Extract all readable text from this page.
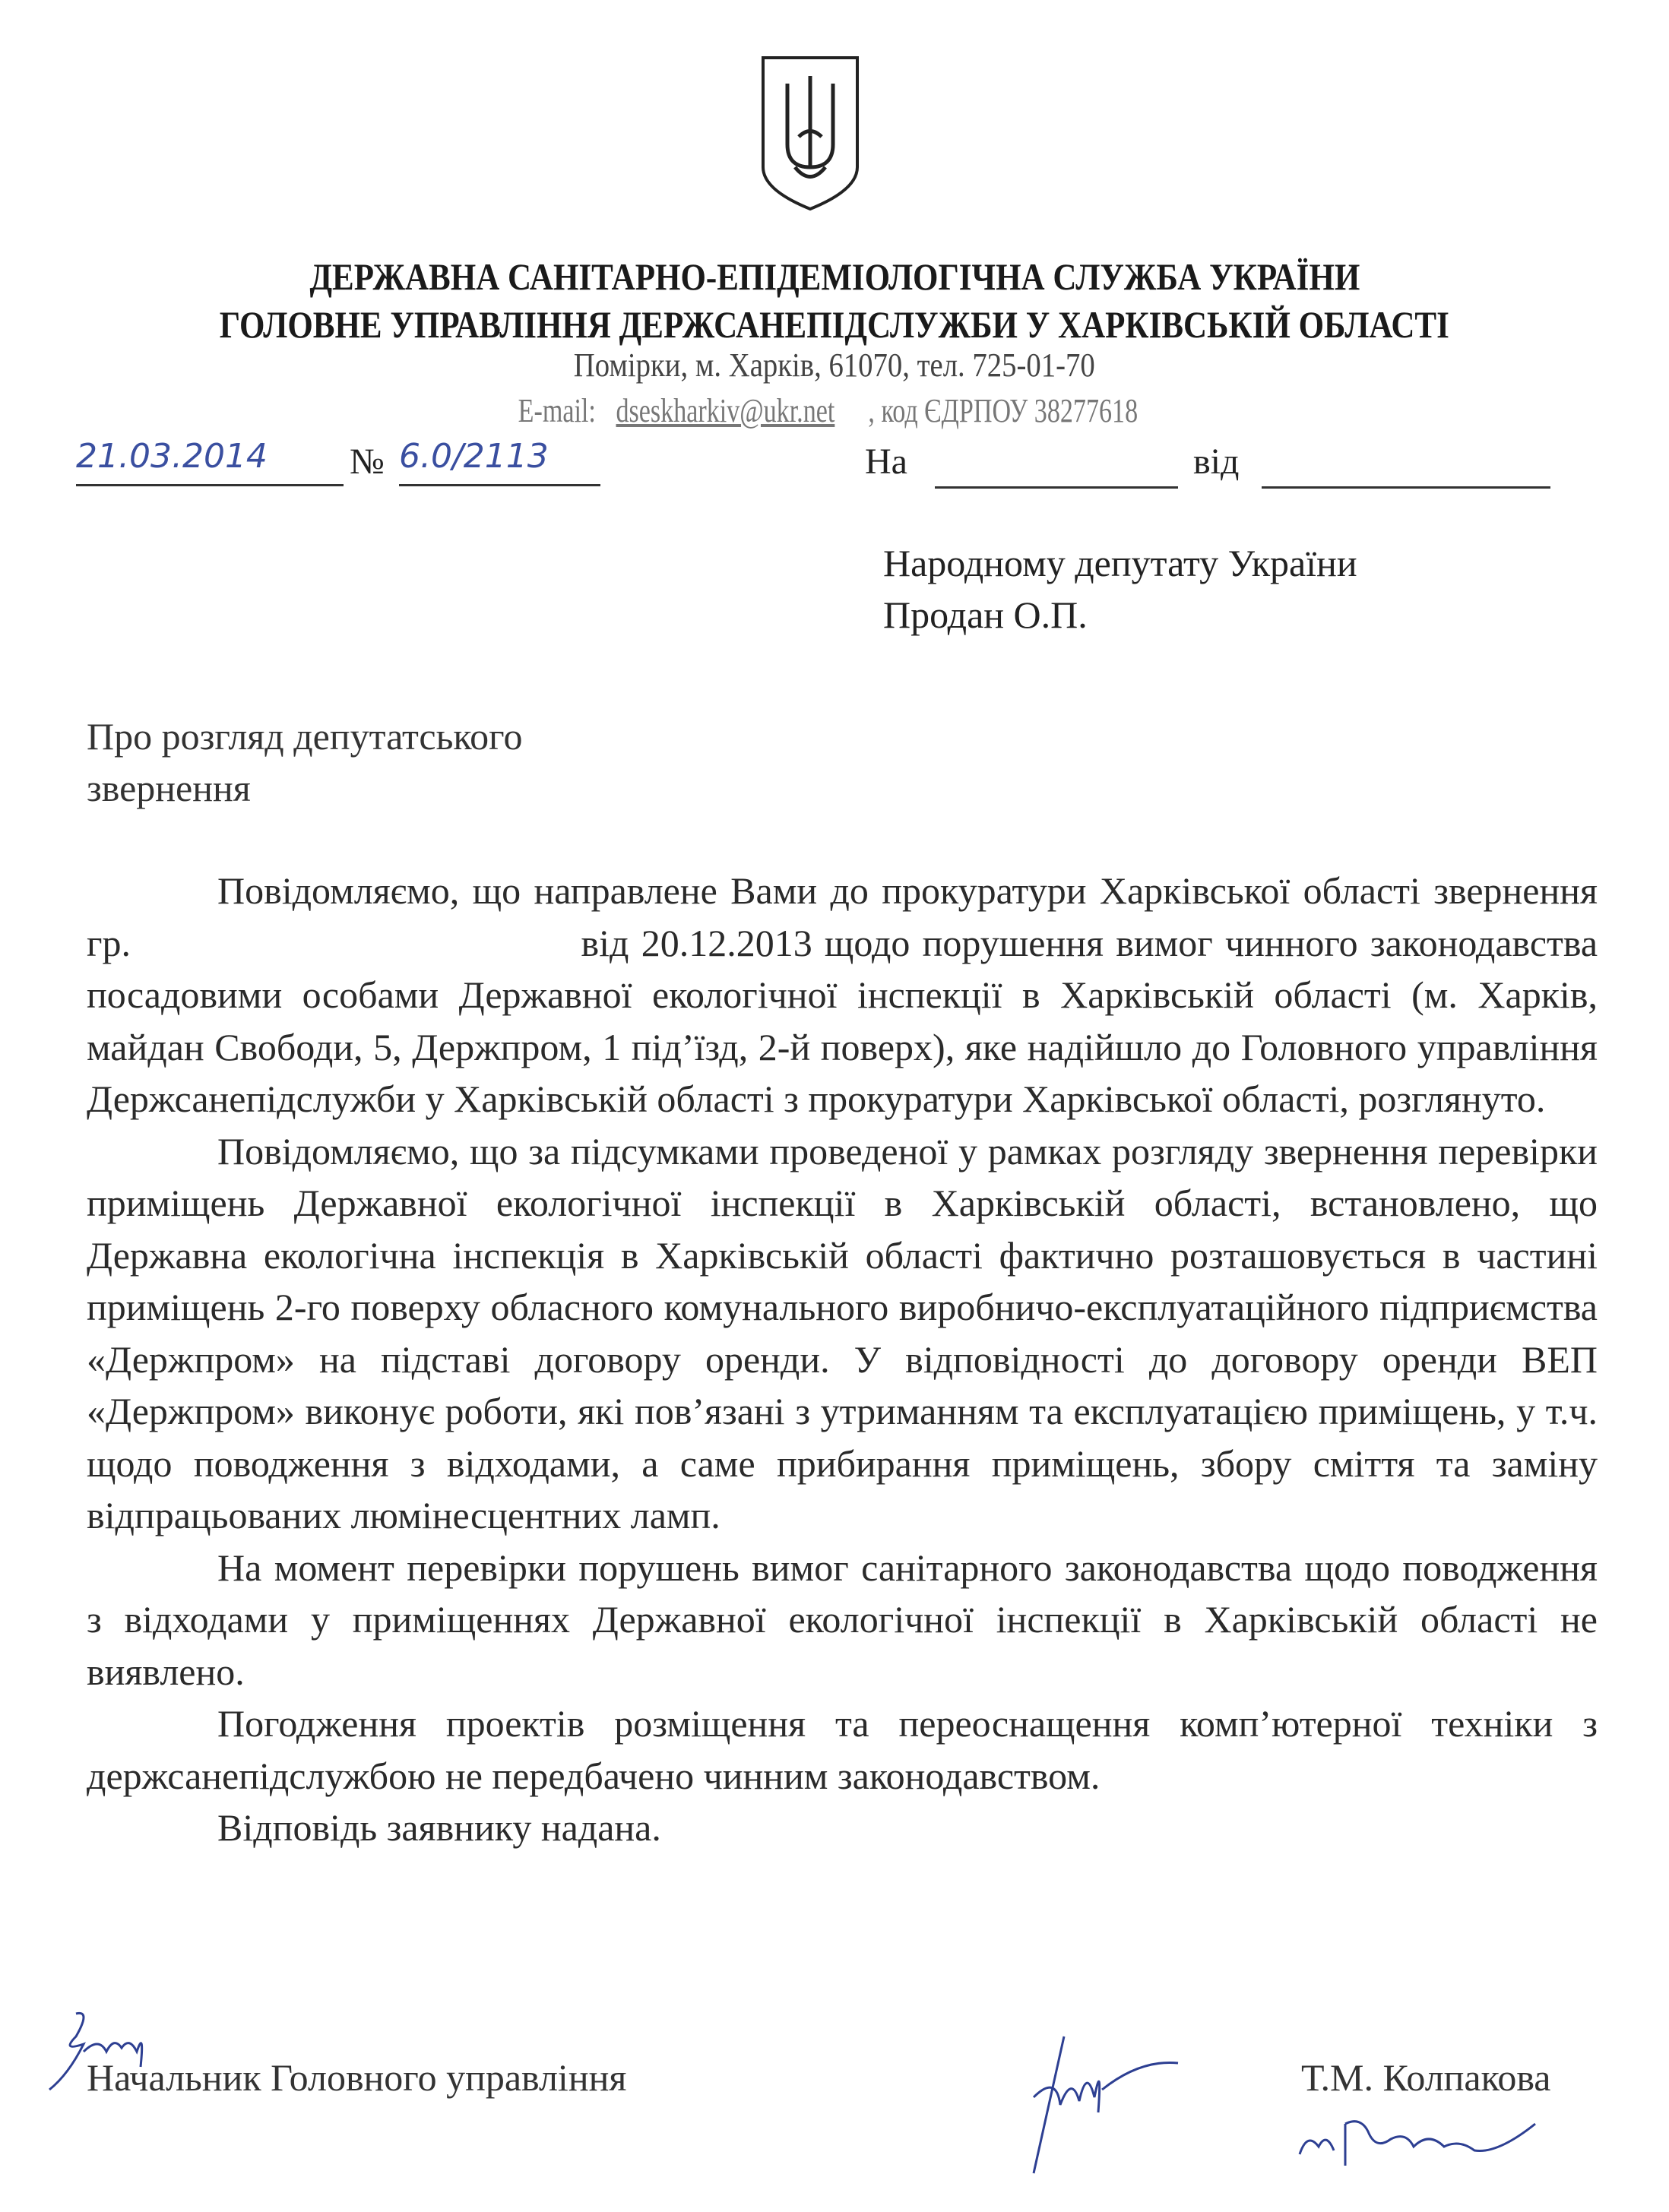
ДЕРЖАВНА САНІТАРНО-ЕПІДЕМІОЛОГІЧНА СЛУЖБА УКРАЇНИ
ГОЛОВНЕ УПРАВЛІННЯ ДЕРЖСАНЕПІДСЛУЖБИ У ХАРКІВСЬКІЙ ОБЛАСТІ
Помірки, м. Харків, 61070, тел. 725-01-70
E-mail:dseskharkiv@ukr.net , код ЄДРПОУ 38277618
21.03.2014	№ 6.0/2113	На	від
Народному депутату України
Продан О.П.
Про розгляд депутатського
звернення

Повідомляємо, що направлене Вами до прокуратури Харківської області звернення гр.	від 20.12.2013 щодо порушення вимог чинного законодавства посадовими особами Державної екологічної інспекції в Харківській області (м. Харків, майдан Свободи, 5, Держпром, 1 під’їзд, 2-й поверх), яке надійшло до Головного управління Держсанепідслужби у Харківській області з прокуратури Харківської області, розглянуто.

Повідомляємо, що за підсумками проведеної у рамках розгляду звернення перевірки приміщень Державної екологічної інспекції в Харківській області, встановлено, що Державна екологічна інспекція в Харківській області фактично розташовується в частині приміщень 2-го поверху обласного комунального виробничо-експлуатаційного підприємства «Держпром» на підставі договору оренди. У відповідності до договору оренди ВЕП «Держпром» виконує роботи, які пов’язані з утриманням та експлуатацією приміщень, у т.ч. щодо поводження з відходами, а саме прибирання приміщень, збору сміття та заміну відпрацьованих люмінесцентних ламп.

На момент перевірки порушень вимог санітарного законодавства щодо поводження з відходами у приміщеннях Державної екологічної інспекції в Харківській області не виявлено.

Погодження проектів розміщення та переоснащення комп’ютерної техніки з держсанепідслужбою не передбачено чинним законодавством.

Відповідь заявнику надана.

Начальник Головного управління	Т.М. Колпакова
